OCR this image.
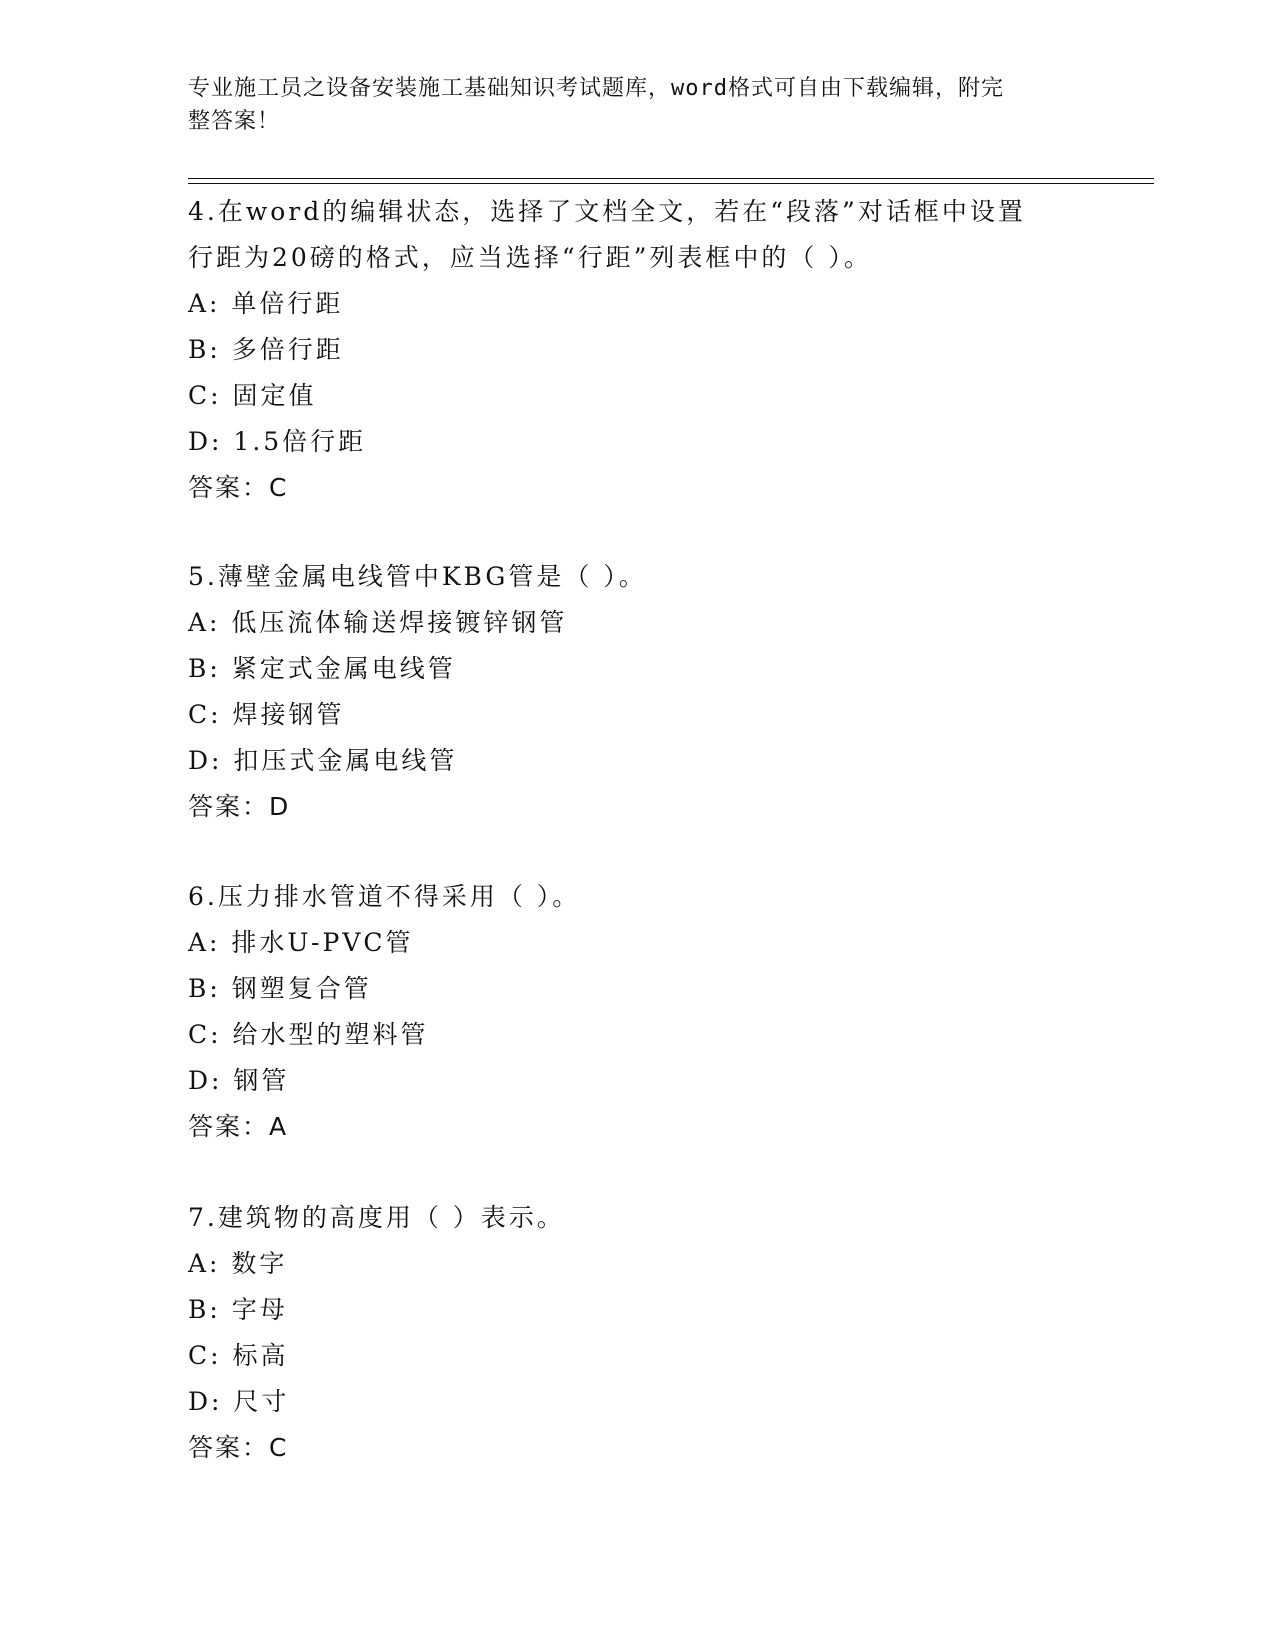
专业施工员之设备安装施工基础知识考试题库，word格式可自由下载编辑，附完
整答案！

4.在word的编辑状态，选择了文档全文，若在“段落”对话框中设置

行距为20磅的格式，应当选择“行距”列表框中的（ ）。

A: 单倍行距

B: 多倍行距

C: 固定值

D: 1.5倍行距

答案：C

5.薄壁金属电线管中KBG管是（ ）。

A: 低压流体输送焊接镀锌钢管

B: 紧定式金属电线管

C: 焊接钢管

D: 扣压式金属电线管

答案：D

6.压力排水管道不得采用（ ）。

A: 排水U-PVC管

B: 钢塑复合管

C: 给水型的塑料管

D: 钢管

答案：A

7.建筑物的高度用（ ）表示。

A: 数字

B: 字母

C: 标高

D: 尺寸

答案：C
